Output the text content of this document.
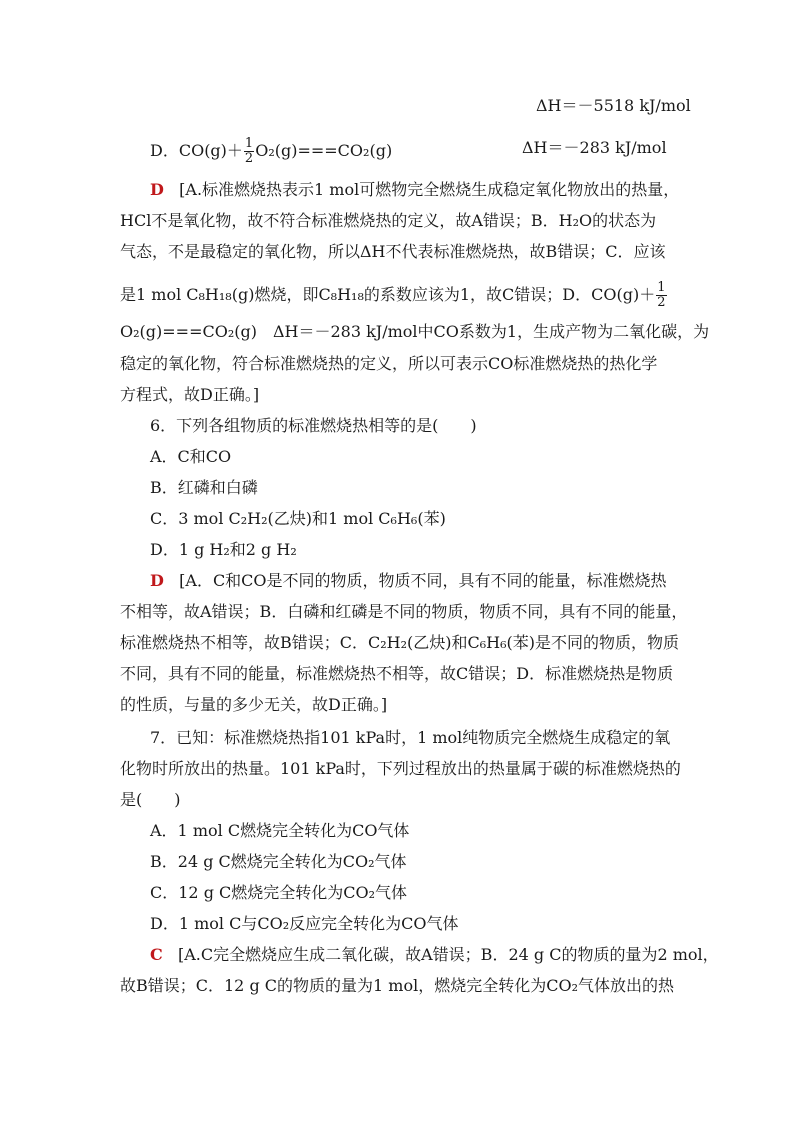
ΔH＝－5518 kJ/mol
D．$CO(g)+ \frac{1}{2} O_2(g)===CO_2(g)$	ΔH＝－283 kJ/mol
D [A.标准燃烧热表示1 mol可燃物完全燃烧生成稳定氧化物放出的热量，
HCl不是氧化物，故不符合标准燃烧热的定义，故A错误；B．H₂O的状态为
气态，不是最稳定的氧化物，所以ΔH不代表标准燃烧热，故B错误；C．应该
是1 mol C₈H₁₈(g)燃烧，即C₈H₁₈的系数应该为1，故C错误；D．$CO(g)+ \frac{1}{2}$
O₂(g)===CO₂(g)　ΔH＝－283 kJ/mol中CO系数为1，生成产物为二氧化碳，为
稳定的氧化物，符合标准燃烧热的定义，所以可表示CO标准燃烧热的热化学
方程式，故D正确。]
6．下列各组物质的标准燃烧热相等的是(　　)
A．C和CO
B．红磷和白磷
C．3 mol C₂H₂(乙炔)和1 mol C₆H₆(苯)
D．1 g H₂和2 g H₂
D [A．C和CO是不同的物质，物质不同，具有不同的能量，标准燃烧热
不相等，故A错误；B．白磷和红磷是不同的物质，物质不同，具有不同的能量，
标准燃烧热不相等，故B错误；C．C₂H₂(乙炔)和C₆H₆(苯)是不同的物质，物质
不同，具有不同的能量，标准燃烧热不相等，故C错误；D．标准燃烧热是物质
的性质，与量的多少无关，故D正确。]
7．已知：标准燃烧热指101 kPa时，1 mol纯物质完全燃烧生成稳定的氧
化物时所放出的热量。101 kPa时，下列过程放出的热量属于碳的标准燃烧热的
是(　　)
A．1 mol C燃烧完全转化为CO气体
B．24 g C燃烧完全转化为CO₂气体
C．12 g C燃烧完全转化为CO₂气体
D．1 mol C与CO₂反应完全转化为CO气体
C [A.C完全燃烧应生成二氧化碳，故A错误；B．24 g C的物质的量为2 mol，
故B错误；C．12 g C的物质的量为1 mol，燃烧完全转化为CO₂气体放出的热
